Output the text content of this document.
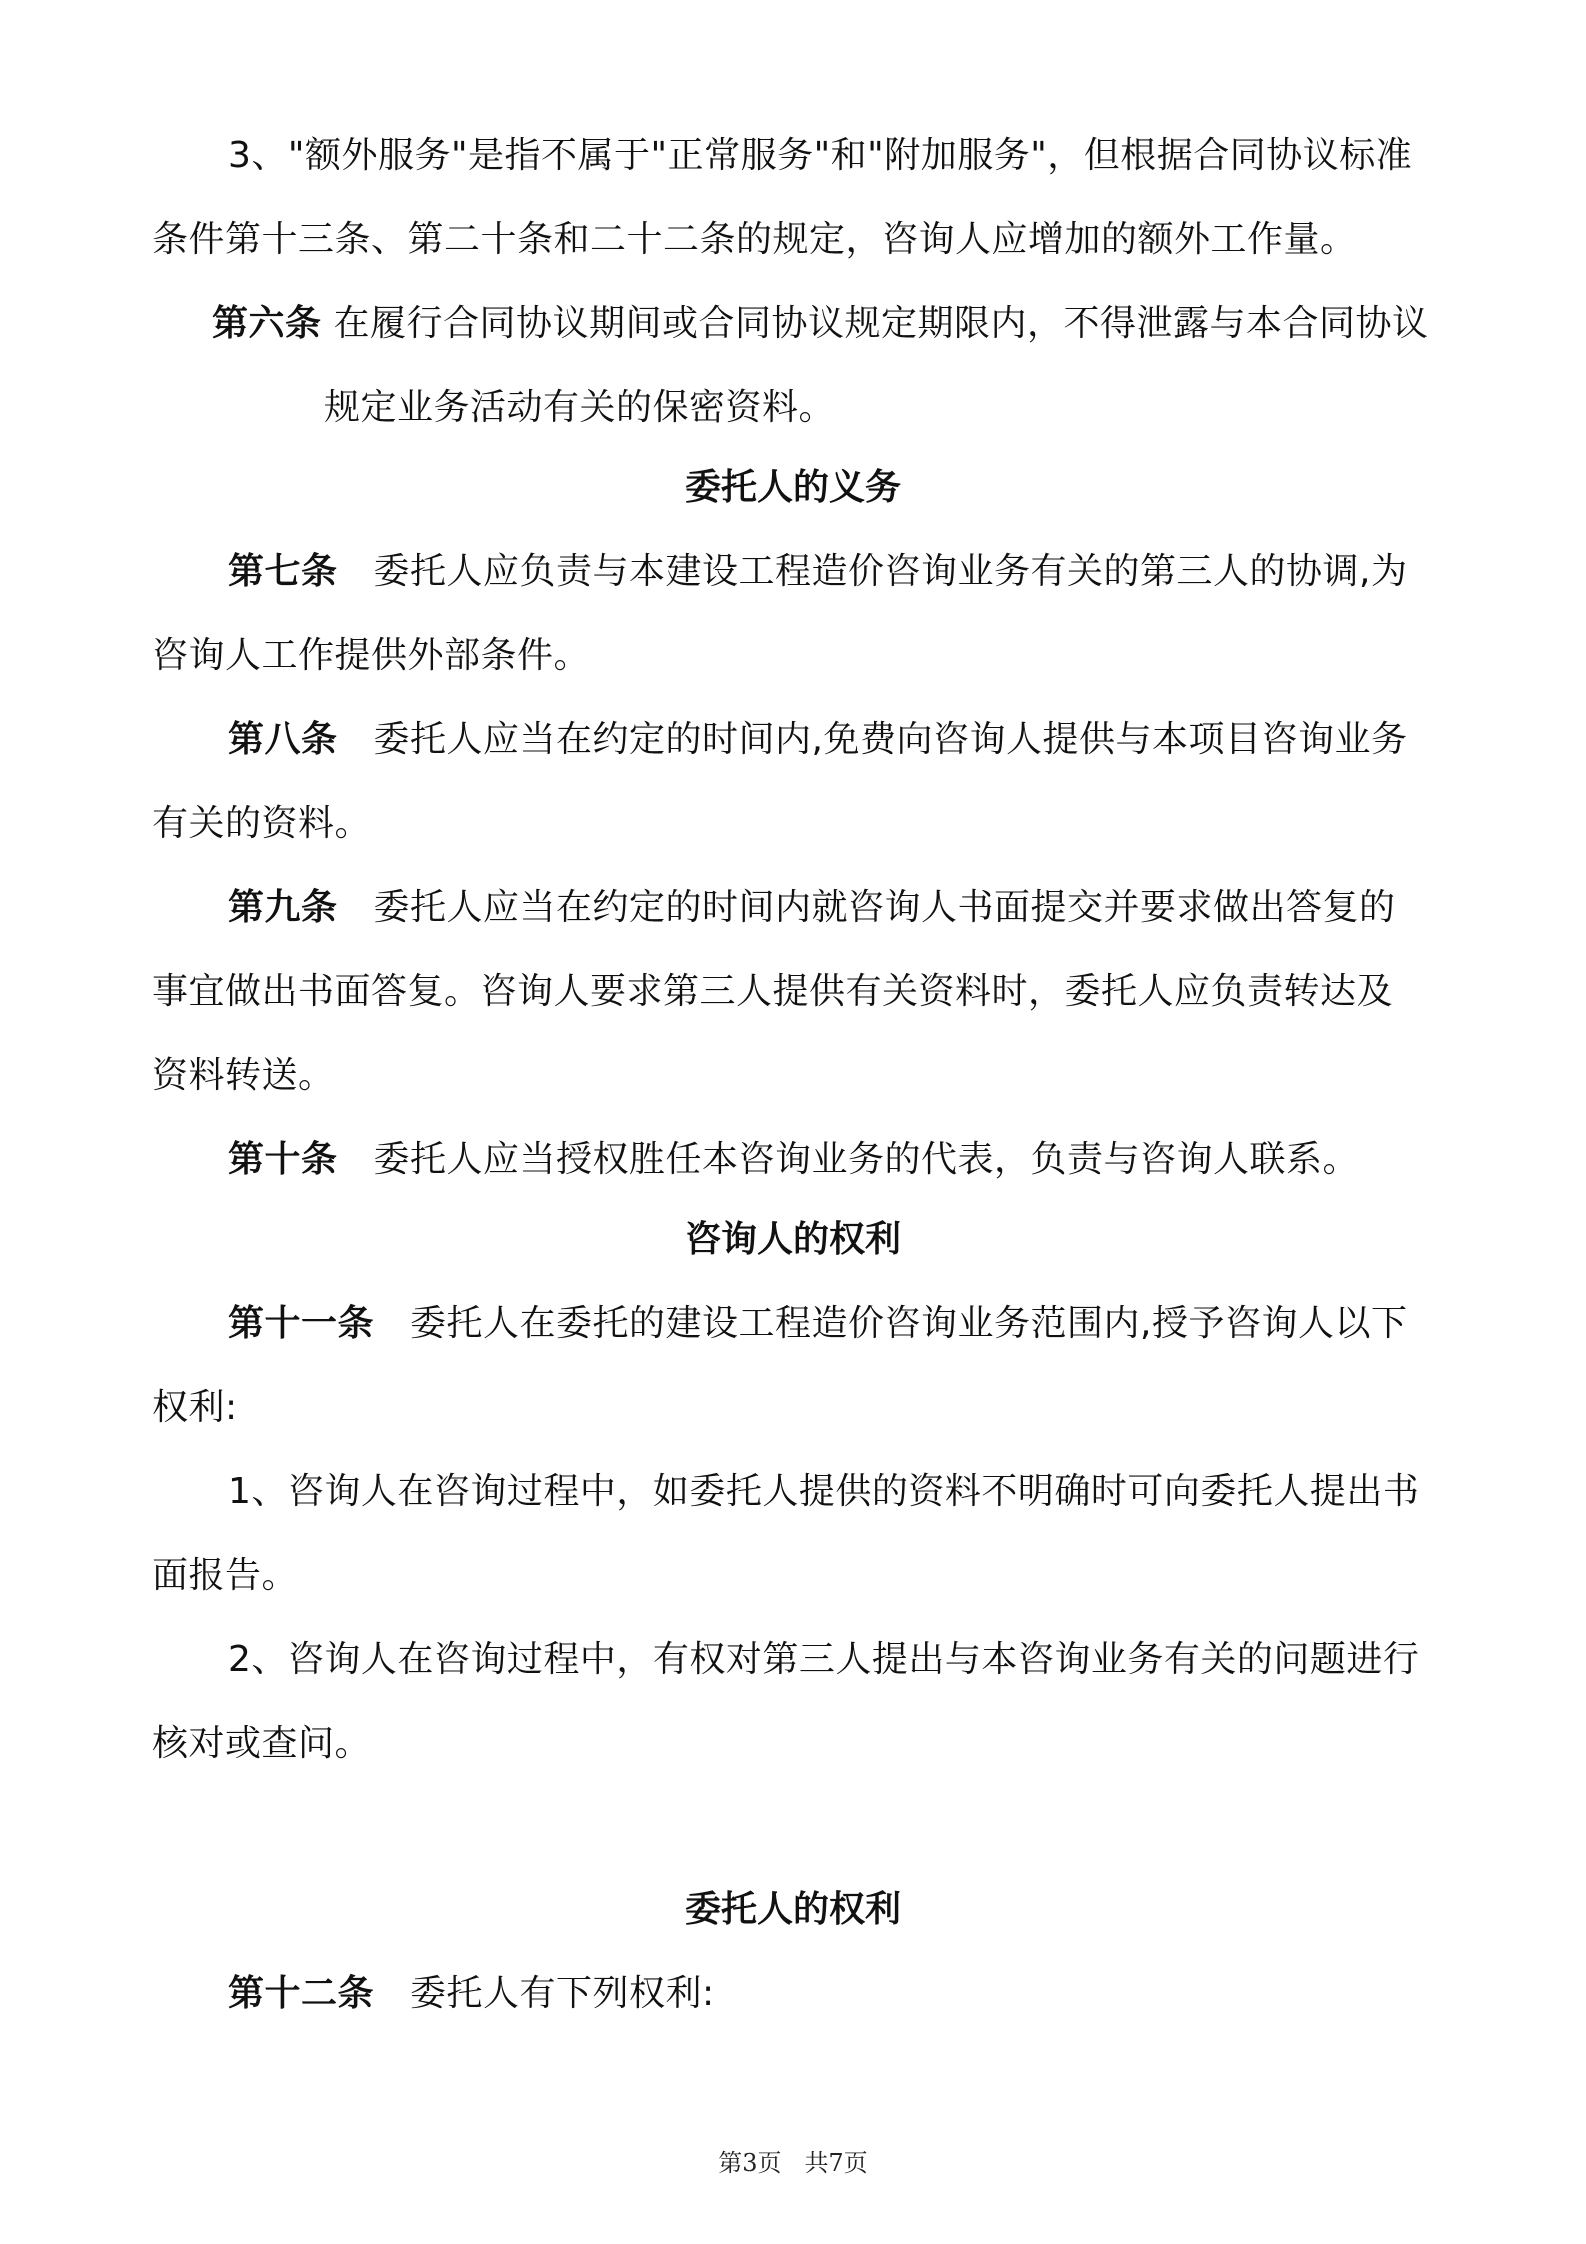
3、"额外服务"是指不属于"正常服务"和"附加服务"，但根据合同协议标准
条件第十三条、第二十条和二十二条的规定，咨询人应增加的额外工作量。
第六条 在履行合同协议期间或合同协议规定期限内，不得泄露与本合同协议
规定业务活动有关的保密资料。
委托人的义务
第七条 委托人应负责与本建设工程造价咨询业务有关的第三人的协调,为
咨询人工作提供外部条件。
第八条 委托人应当在约定的时间内,免费向咨询人提供与本项目咨询业务
有关的资料。
第九条 委托人应当在约定的时间内就咨询人书面提交并要求做出答复的
事宜做出书面答复。咨询人要求第三人提供有关资料时，委托人应负责转达及
资料转送。
第十条 委托人应当授权胜任本咨询业务的代表，负责与咨询人联系。
咨询人的权利
第十一条 委托人在委托的建设工程造价咨询业务范围内,授予咨询人以下
权利:
1、咨询人在咨询过程中，如委托人提供的资料不明确时可向委托人提出书
面报告。
2、咨询人在咨询过程中，有权对第三人提出与本咨询业务有关的问题进行
核对或查问。
委托人的权利
第十二条 委托人有下列权利:
第3页 共7页
